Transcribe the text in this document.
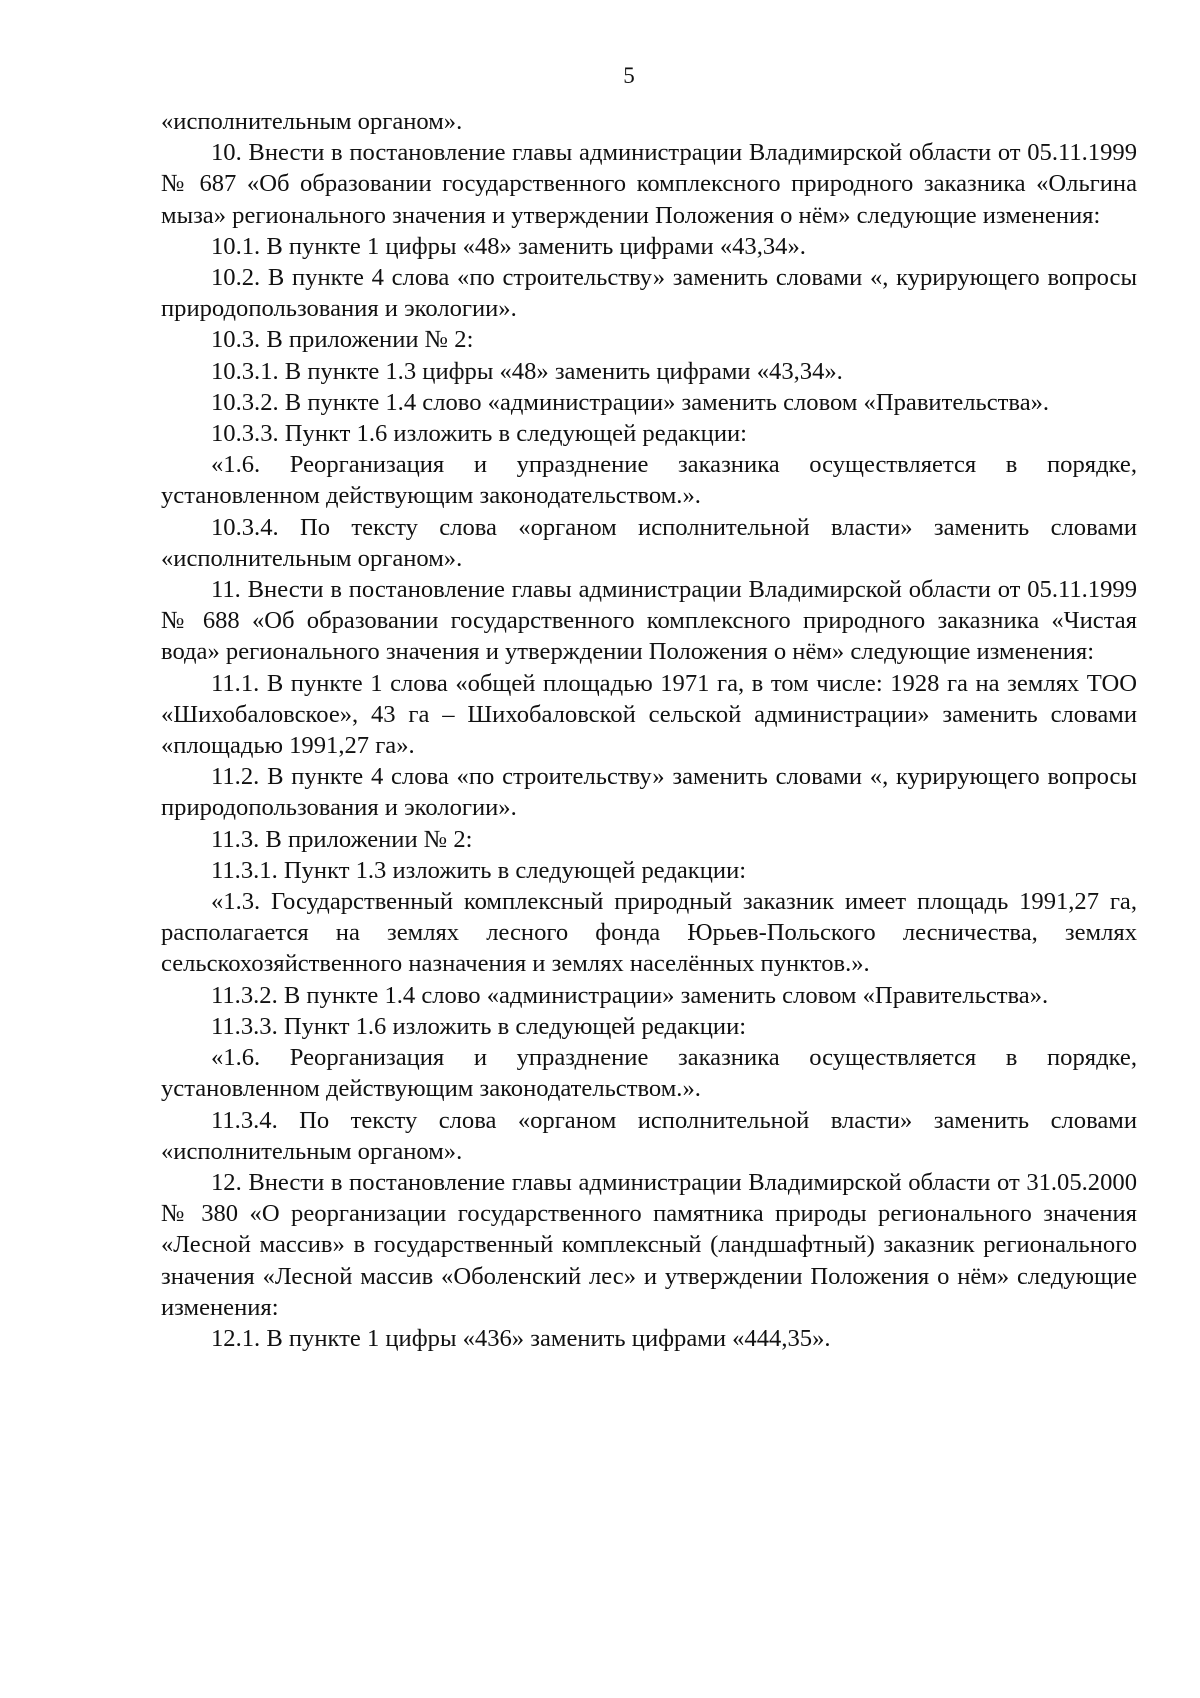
5

«исполнительным органом».

10. Внести в постановление главы администрации Владимирской области от 05.11.1999 № 687 «Об образовании государственного комплексного природного заказника «Ольгина мыза» регионального значения и утверждении Положения о нём» следующие изменения:

10.1. В пункте 1 цифры «48» заменить цифрами «43,34».

10.2. В пункте 4 слова «по строительству» заменить словами «, курирующего вопросы природопользования и экологии».

10.3. В приложении № 2:

10.3.1. В пункте 1.3 цифры «48» заменить цифрами «43,34».

10.3.2. В пункте 1.4 слово «администрации» заменить словом «Правительства».

10.3.3. Пункт 1.6 изложить в следующей редакции:

«1.6. Реорганизация и упразднение заказника осуществляется в порядке, установленном действующим законодательством.».

10.3.4. По тексту слова «органом исполнительной власти» заменить словами «исполнительным органом».

11. Внести в постановление главы администрации Владимирской области от 05.11.1999 № 688 «Об образовании государственного комплексного природного заказника «Чистая вода» регионального значения и утверждении Положения о нём» следующие изменения:

11.1. В пункте 1 слова «общей площадью 1971 га, в том числе: 1928 га на землях ТОО «Шихобаловское», 43 га – Шихобаловской сельской администрации» заменить словами «площадью 1991,27 га».

11.2. В пункте 4 слова «по строительству» заменить словами «, курирующего вопросы природопользования и экологии».

11.3. В приложении № 2:

11.3.1. Пункт 1.3 изложить в следующей редакции:

«1.3. Государственный комплексный природный заказник имеет площадь 1991,27 га, располагается на землях лесного фонда Юрьев-Польского лесничества, землях сельскохозяйственного назначения и землях населённых пунктов.».

11.3.2. В пункте 1.4 слово «администрации» заменить словом «Правительства».

11.3.3. Пункт 1.6 изложить в следующей редакции:

«1.6. Реорганизация и упразднение заказника осуществляется в порядке, установленном действующим законодательством.».

11.3.4. По тексту слова «органом исполнительной власти» заменить словами «исполнительным органом».

12. Внести в постановление главы администрации Владимирской области от 31.05.2000 № 380 «О реорганизации государственного памятника природы регионального значения «Лесной массив» в государственный комплексный (ландшафтный) заказник регионального значения «Лесной массив «Оболенский лес» и утверждении Положения о нём» следующие изменения:

12.1. В пункте 1 цифры «436» заменить цифрами «444,35».
